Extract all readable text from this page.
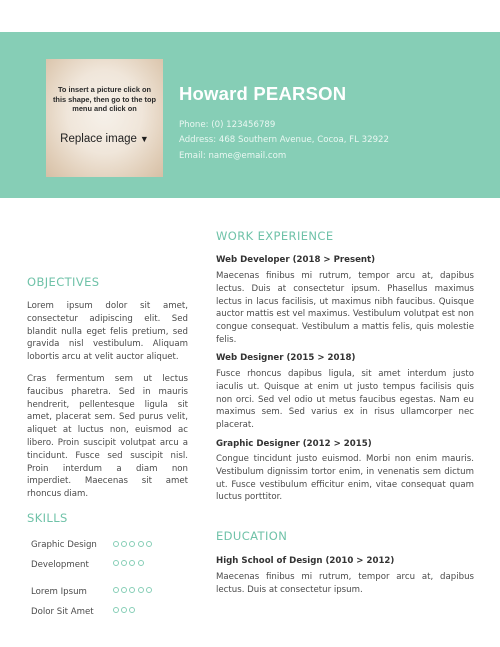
To insert a picture click on this shape, then go to the top menu and click on
Replace image ▼
Howard PEARSON
Phone: (0) 123456789
Address: 468 Southern Avenue, Cocoa, FL 32922
Email: name@email.com
OBJECTIVES
Lorem ipsum dolor sit amet, consectetur adipiscing elit. Sed blandit nulla eget felis pretium, sed gravida nisl vestibulum. Aliquam lobortis arcu at velit auctor aliquet.
Cras fermentum sem ut lectus faucibus pharetra. Sed in mauris hendrerit, pellentesque ligula sit amet, placerat sem. Sed purus velit, aliquet at luctus non, euismod ac libero. Proin suscipit volutpat arcu a tincidunt. Fusce sed suscipit nisl. Proin interdum a diam non imperdiet. Maecenas sit amet rhoncus diam.
SKILLS
Graphic Design
Development
Lorem Ipsum
Dolor Sit Amet
WORK EXPERIENCE
Web Developer (2018 > Present)
Maecenas finibus mi rutrum, tempor arcu at, dapibus lectus. Duis at consectetur ipsum. Phasellus maximus lectus in lacus facilisis, ut maximus nibh faucibus. Quisque auctor mattis est vel maximus. Vestibulum volutpat est non congue consequat. Vestibulum a mattis felis, quis molestie felis.
Web Designer (2015 > 2018)
Fusce rhoncus dapibus ligula, sit amet interdum justo iaculis ut. Quisque at enim ut justo tempus facilisis quis non orci. Sed vel odio ut metus faucibus egestas. Nam eu maximus sem. Sed varius ex in risus ullamcorper nec placerat.
Graphic Designer (2012 > 2015)
Congue tincidunt justo euismod. Morbi non enim mauris. Vestibulum dignissim tortor enim, in venenatis sem dictum ut. Fusce vestibulum efficitur enim, vitae consequat quam luctus porttitor.
EDUCATION
High School of Design (2010 > 2012)
Maecenas finibus mi rutrum, tempor arcu at, dapibus lectus. Duis at consectetur ipsum.
